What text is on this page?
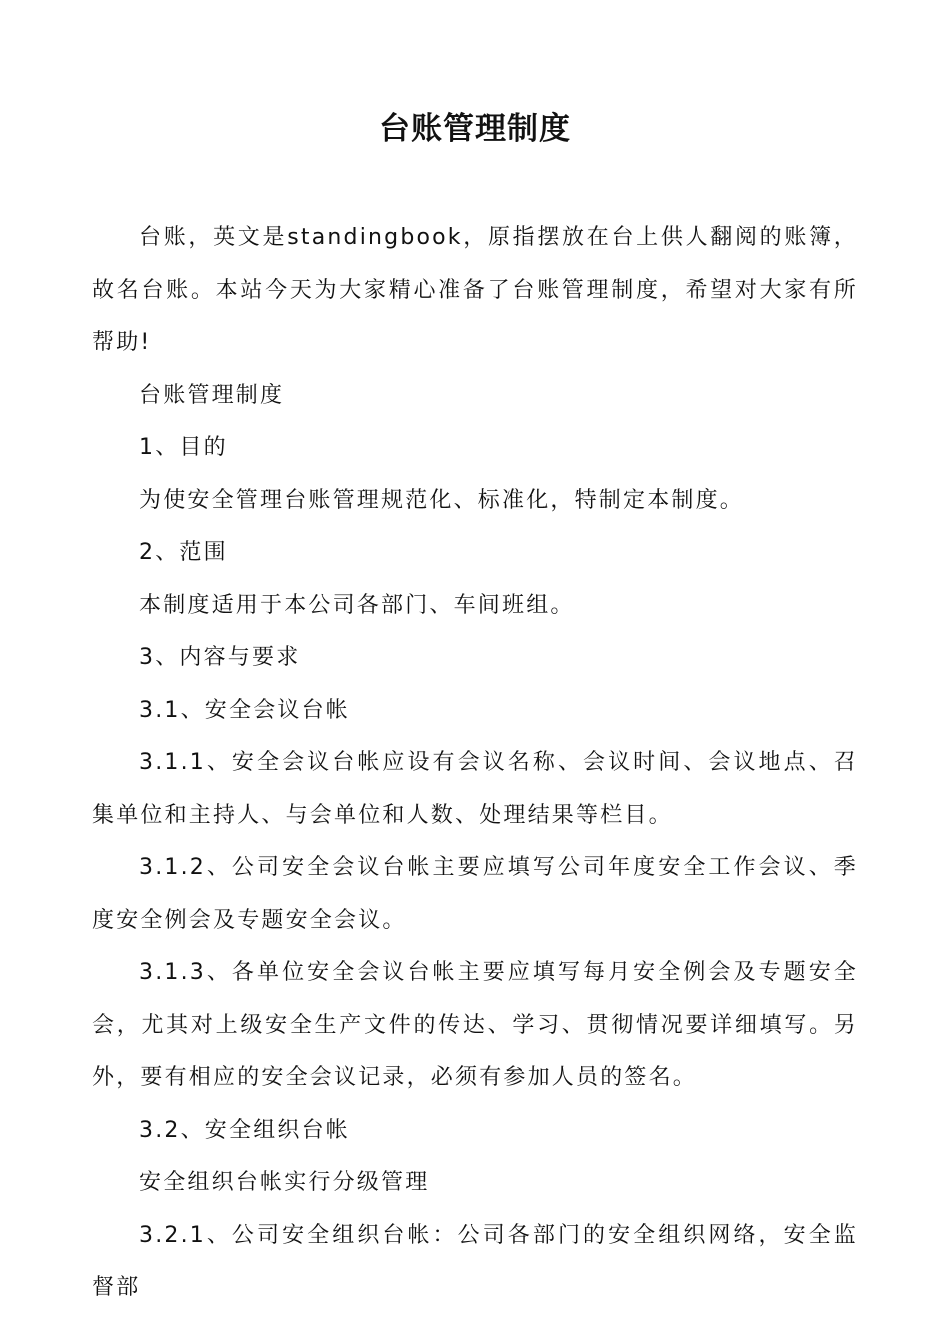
台账管理制度

台账，英文是standingbook，原指摆放在台上供人翻阅的账簿，故名台账。本站今天为大家精心准备了台账管理制度，希望对大家有所帮助!

台账管理制度

1、目的

为使安全管理台账管理规范化、标准化，特制定本制度。

2、范围

本制度适用于本公司各部门、车间班组。

3、内容与要求

3.1、安全会议台帐

3.1.1、安全会议台帐应设有会议名称、会议时间、会议地点、召集单位和主持人、与会单位和人数、处理结果等栏目。

3.1.2、公司安全会议台帐主要应填写公司年度安全工作会议、季度安全例会及专题安全会议。

3.1.3、各单位安全会议台帐主要应填写每月安全例会及专题安全会，尤其对上级安全生产文件的传达、学习、贯彻情况要详细填写。另外，要有相应的安全会议记录，必须有参加人员的签名。

3.2、安全组织台帐

安全组织台帐实行分级管理

3.2.1、公司安全组织台帐：公司各部门的安全组织网络，安全监督部
